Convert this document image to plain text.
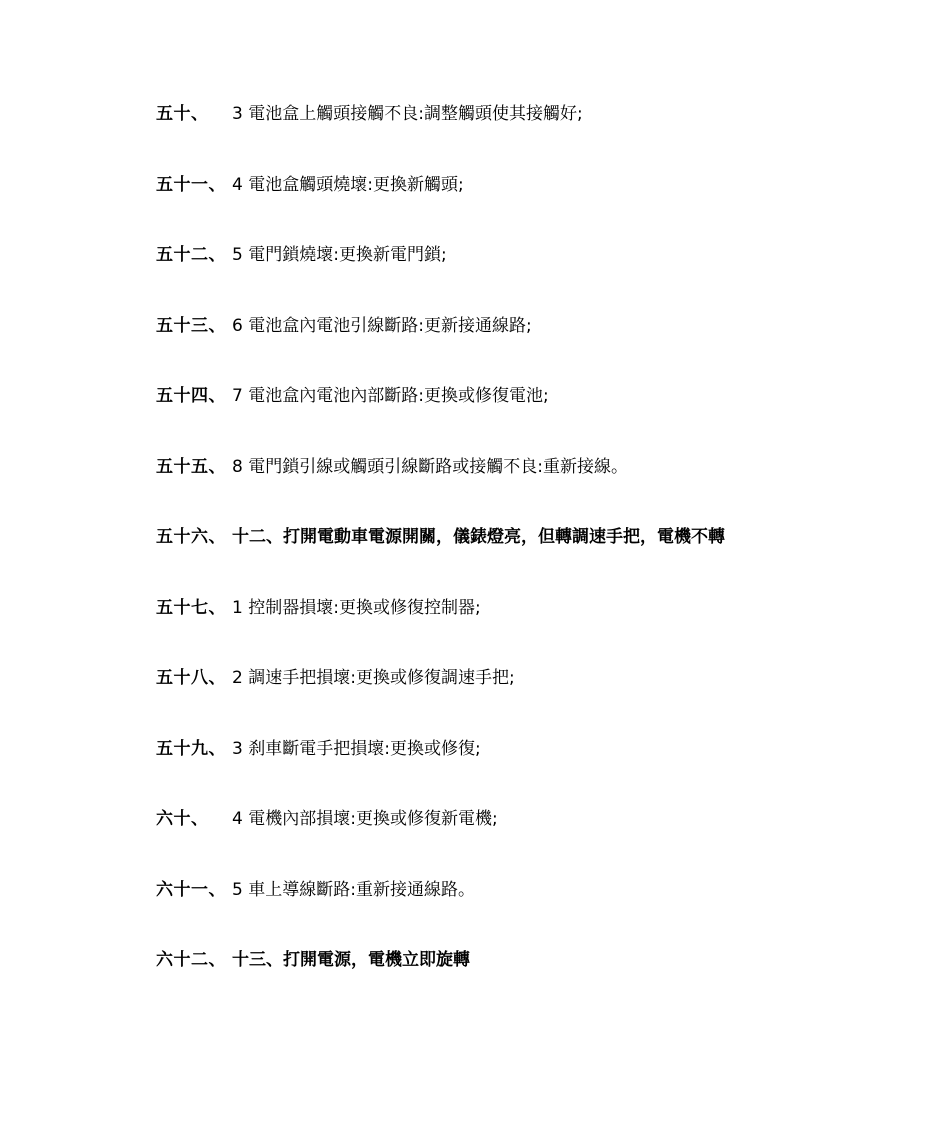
五十、	3 電池盒上觸頭接觸不良:調整觸頭使其接觸好;
五十一、 4 電池盒觸頭燒壞:更換新觸頭;
五十二、 5 電門鎖燒壞:更換新電門鎖;
五十三、 6 電池盒內電池引線斷路:更新接通線路;
五十四、 7 電池盒內電池內部斷路:更換或修復電池;
五十五、 8 電門鎖引線或觸頭引線斷路或接觸不良:重新接線。
五十六、 十二、打開電動車電源開關，儀錶燈亮，但轉調速手把，電機不轉
五十七、 1 控制器損壞:更換或修復控制器;
五十八、 2 調速手把損壞:更換或修復調速手把;
五十九、 3 刹車斷電手把損壞:更換或修復;
六十、	4 電機內部損壞:更換或修復新電機;
六十一、 5 車上導線斷路:重新接通線路。
六十二、 十三、打開電源，電機立即旋轉
